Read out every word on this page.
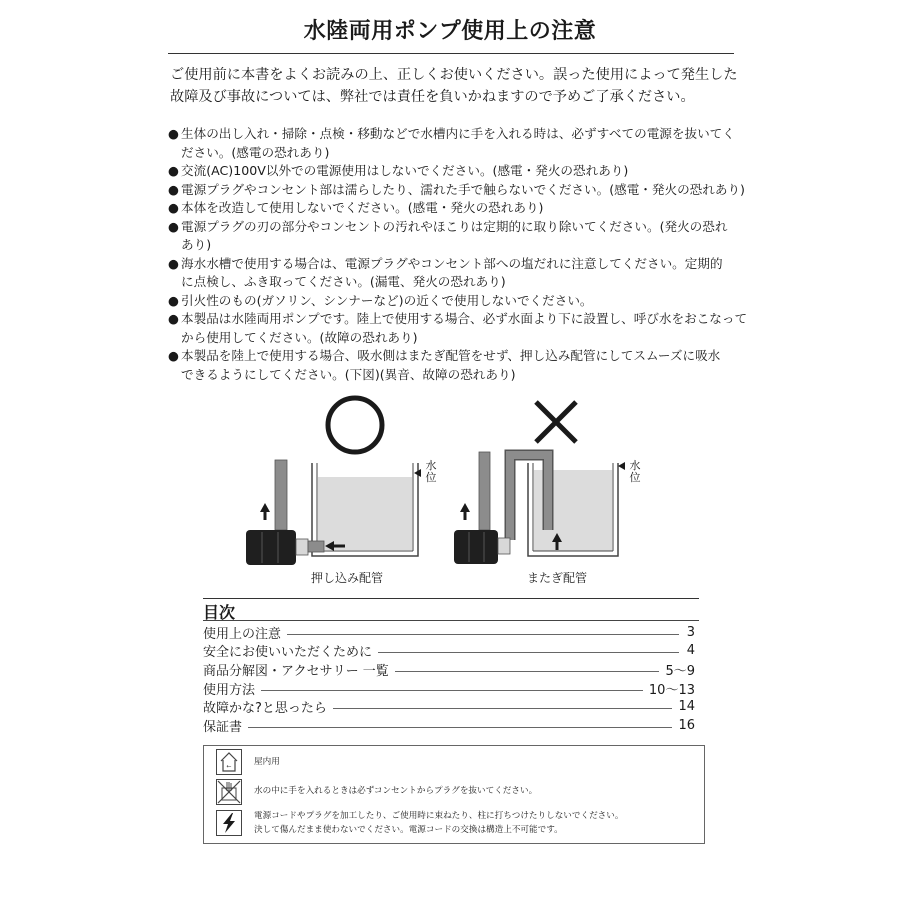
水陸両用ポンプ使用上の注意
ご使用前に本書をよくお読みの上、正しくお使いください。誤った使用によって発生した
故障及び事故については、弊社では責任を負いかねますので予めご了承ください。
● 生体の出し入れ・掃除・点検・移動などで水槽内に手を入れる時は、必ずすべての電源を抜いてく
ださい。(感電の恐れあり)
● 交流(AC)100V以外での電源使用はしないでください。(感電・発火の恐れあり)
● 電源プラグやコンセント部は濡らしたり、濡れた手で触らないでください。(感電・発火の恐れあり)
● 本体を改造して使用しないでください。(感電・発火の恐れあり)
● 電源プラグの刃の部分やコンセントの汚れやほこりは定期的に取り除いてください。(発火の恐れ
あり)
● 海水水槽で使用する場合は、電源プラグやコンセント部への塩だれに注意してください。定期的
に点検し、ふき取ってください。(漏電、発火の恐れあり)
● 引火性のもの(ガソリン、シンナーなど)の近くで使用しないでください。
● 本製品は水陸両用ポンプです。陸上で使用する場合、必ず水面より下に設置し、呼び水をおこなって
から使用してください。(故障の恐れあり)
● 本製品を陸上で使用する場合、吸水側はまたぎ配管をせず、押し込み配管にしてスムーズに吸水
できるようにしてください。(下図)(異音、故障の恐れあり)
水
位
水
位
押し込み配管	またぎ配管
目次
使用上の注意	3
安全にお使いいただくために	4
商品分解図・アクセサリー 一覧	5〜9
使用方法	10〜13
故障かな?と思ったら	14
保証書	16
←	屋内用
水の中に手を入れるときは必ずコンセントからプラグを抜いてください。
電源コードやプラグを加工したり、ご使用時に束ねたり、柱に打ちつけたりしないでください。
決して傷んだまま使わないでください。電源コードの交換は構造上不可能です。
